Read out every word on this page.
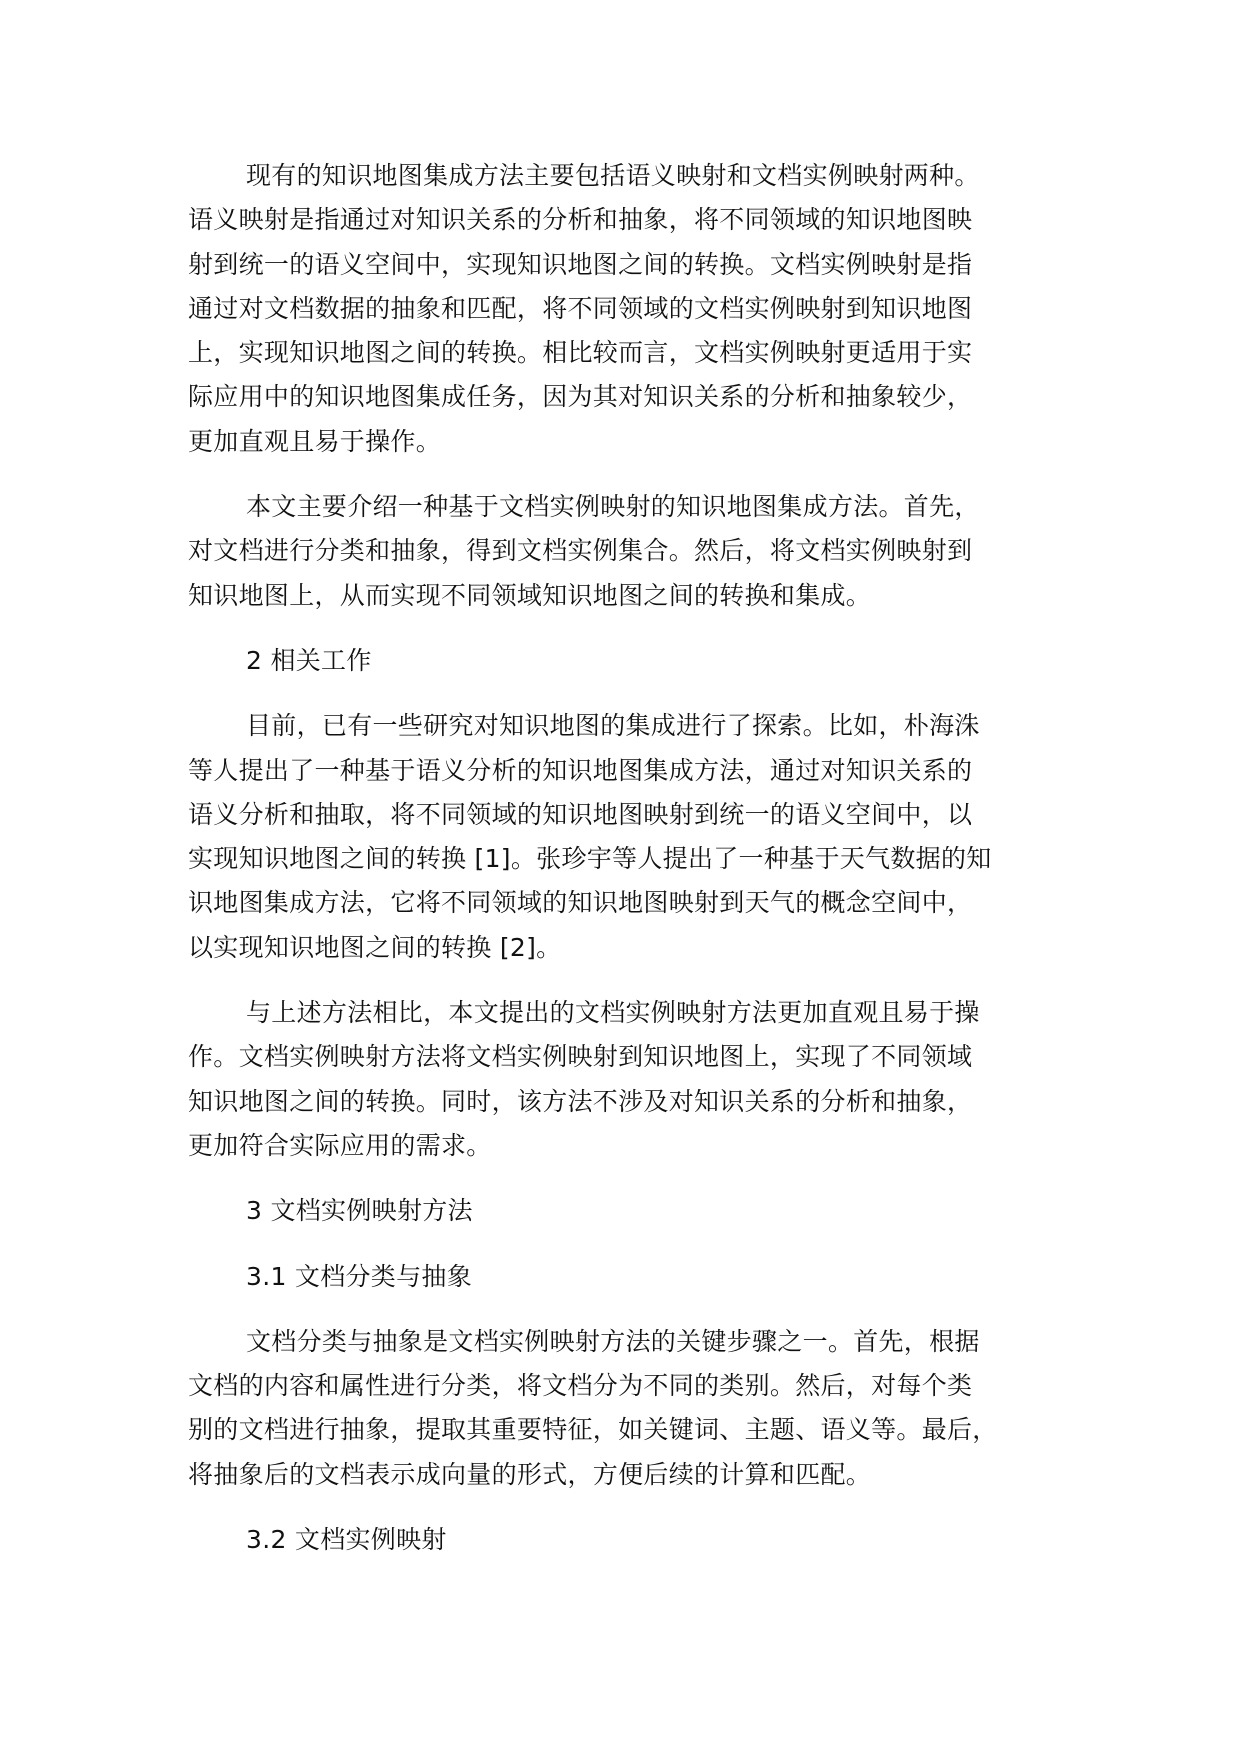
现有的知识地图集成方法主要包括语义映射和文档实例映射两种。
语义映射是指通过对知识关系的分析和抽象，将不同领域的知识地图映
射到统一的语义空间中，实现知识地图之间的转换。文档实例映射是指
通过对文档数据的抽象和匹配，将不同领域的文档实例映射到知识地图
上，实现知识地图之间的转换。相比较而言，文档实例映射更适用于实
际应用中的知识地图集成任务，因为其对知识关系的分析和抽象较少，
更加直观且易于操作。
本文主要介绍一种基于文档实例映射的知识地图集成方法。首先，
对文档进行分类和抽象，得到文档实例集合。然后，将文档实例映射到
知识地图上，从而实现不同领域知识地图之间的转换和集成。
2 相关工作
目前，已有一些研究对知识地图的集成进行了探索。比如，朴海洙
等人提出了一种基于语义分析的知识地图集成方法，通过对知识关系的
语义分析和抽取，将不同领域的知识地图映射到统一的语义空间中，以
实现知识地图之间的转换 [1]。张珍宇等人提出了一种基于天气数据的知
识地图集成方法，它将不同领域的知识地图映射到天气的概念空间中，
以实现知识地图之间的转换 [2]。
与上述方法相比，本文提出的文档实例映射方法更加直观且易于操
作。文档实例映射方法将文档实例映射到知识地图上，实现了不同领域
知识地图之间的转换。同时，该方法不涉及对知识关系的分析和抽象，
更加符合实际应用的需求。
3 文档实例映射方法
3.1 文档分类与抽象
文档分类与抽象是文档实例映射方法的关键步骤之一。首先，根据
文档的内容和属性进行分类，将文档分为不同的类别。然后，对每个类
别的文档进行抽象，提取其重要特征，如关键词、主题、语义等。最后，
将抽象后的文档表示成向量的形式，方便后续的计算和匹配。
3.2 文档实例映射
